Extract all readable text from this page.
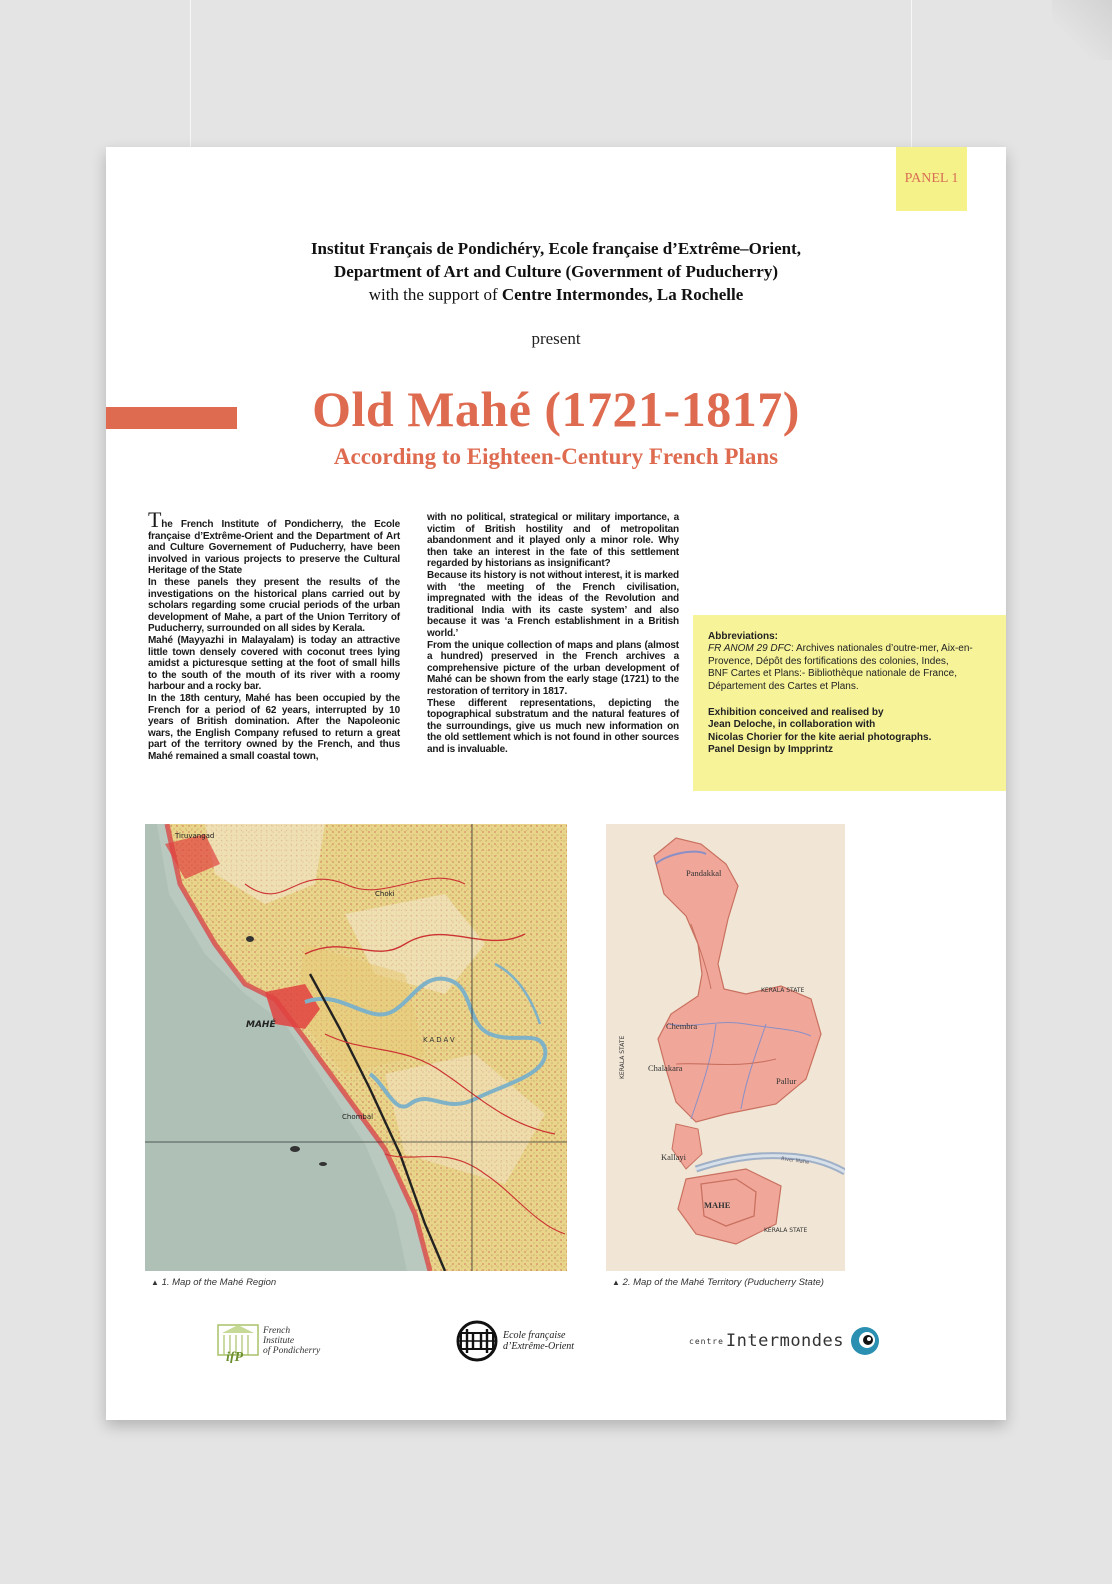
PANEL 1
Institut Français de Pondichéry, Ecole française d’Extrême–Orient,
Department of Art and Culture (Government of Puducherry)
with the support of Centre Intermondes, La Rochelle
present
Old Mahé (1721-1817)
According to Eighteen-Century French Plans

The French Institute of Pondicherry, the Ecole française d’Extrême-Orient and the Department of Art and Culture Governement of Puducherry, have been involved in various projects to preserve the Cultural Heritage of the State

In these panels they present the results of the investigations on the historical plans carried out by scholars regarding some crucial periods of the urban development of Mahe, a part of the Union Territory of Puducherry, surrounded on all sides by Kerala.

Mahé (Mayyazhi in Malayalam) is today an attractive little town densely covered with coconut trees lying amidst a picturesque setting at the foot of small hills to the south of the mouth of its river with a roomy harbour and a rocky bar.

In the 18th century, Mahé has been occupied by the French for a period of 62 years, interrupted by 10 years of British domination. After the Napoleonic wars, the English Company refused to return a great part of the territory owned by the French, and thus Mahé remained a small coastal town,

with no political, strategical or military importance, a victim of British hostility and of metropolitan abandonment and it played only a minor role. Why then take an interest in the fate of this settlement regarded by historians as insignificant?

Because its history is not without interest, it is marked with ‘the meeting of the French civilisation, impregnated with the ideas of the Revolution and traditional India with its caste system’ and also because it was ‘a French establishment in a British world.’

From the unique collection of maps and plans (almost a hundred) preserved in the French archives a comprehensive picture of the urban development of Mahé can be shown from the early stage (1721) to the restoration of territory in 1817.

These different representations, depicting the topographical substratum and the natural features of the surroundings, give us much new information on the old settlement which is not found in other sources and is invaluable.

Abbreviations:
FR ANOM 29 DFC: Archives nationales d’outre-mer, Aix-en-Provence, Dépôt des fortifications des colonies, Indes,
BNF Cartes et Plans:- Bibliothèque nationale de France, Département des Cartes et Plans.
Exhibition conceived and realised by
Jean Deloche, in collaboration with
Nicolas Chorier for the kite aerial photographs.
Panel Design by Impprintz
Tiruvangad
MAHÉ
Chombal
Choki
KADAV
Pandakkal
KERALA STATE
KERALA STATE
Chembra
Chalakara
Pallur
Kallayi
MAHE
KERALA STATE
River Mahe
▲ 1. Map of the Mahé Region	▲ 2. Map of the Mahé Territory (Puducherry State)
ifP
French
Institute
of Pondicherry
Ecole française
d’Extrême-Orient	centre Intermondes
